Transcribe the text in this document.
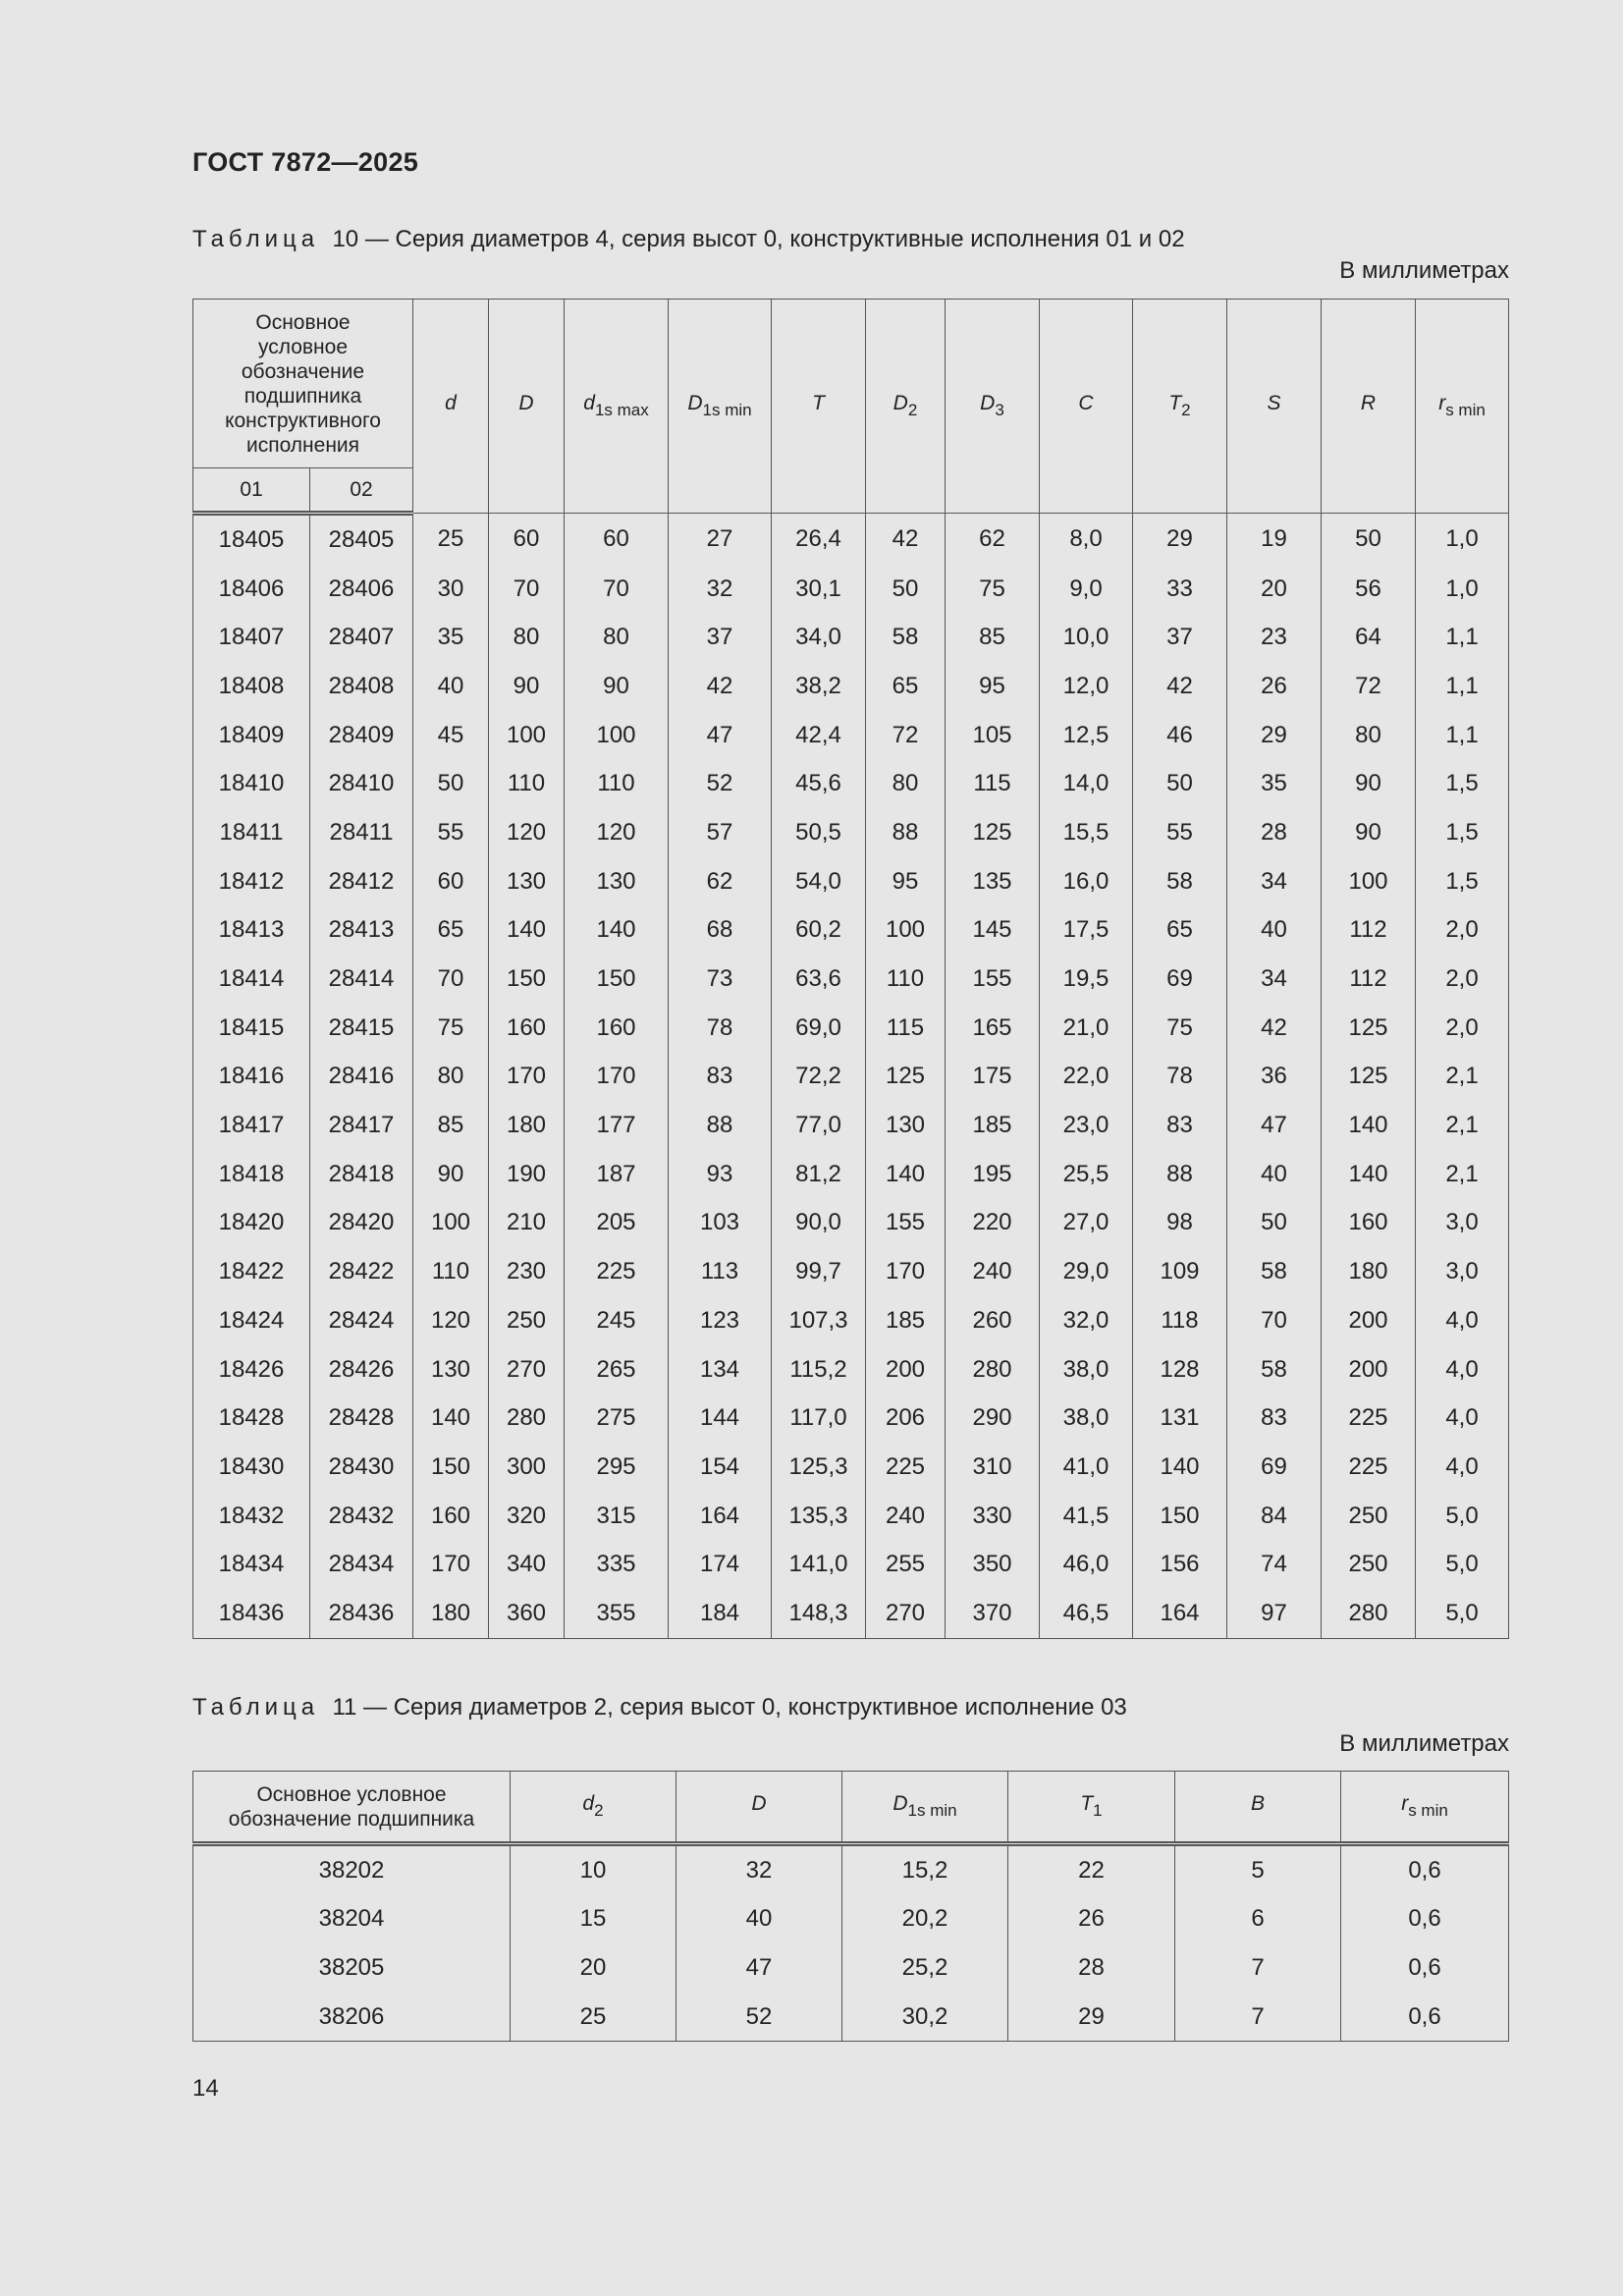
ГОСТ 7872—2025
Таблица 10 — Серия диаметров 4, серия высот 0, конструктивные исполнения 01 и 02
В миллиметрах
Основное условное обозначение подшипника конструктивного исполнения		d	D	$d_{1s max}$	$D_{1s min}$	T	$D_2$	$D_3$	C	$T_2$	S	R	$r_{s min}$
01	02												
18405	28405	25	60	60	27	26,4	42	62	8,0	29	19	50	1,0
18406	28406	30	70	70	32	30,1	50	75	9,0	33	20	56	1,0
18407	28407	35	80	80	37	34,0	58	85	10,0	37	23	64	1,1
18408	28408	40	90	90	42	38,2	65	95	12,0	42	26	72	1,1
18409	28409	45	100	100	47	42,4	72	105	12,5	46	29	80	1,1
18410	28410	50	110	110	52	45,6	80	115	14,0	50	35	90	1,5
18411	28411	55	120	120	57	50,5	88	125	15,5	55	28	90	1,5
18412	28412	60	130	130	62	54,0	95	135	16,0	58	34	100	1,5
18413	28413	65	140	140	68	60,2	100	145	17,5	65	40	112	2,0
18414	28414	70	150	150	73	63,6	110	155	19,5	69	34	112	2,0
18415	28415	75	160	160	78	69,0	115	165	21,0	75	42	125	2,0
18416	28416	80	170	170	83	72,2	125	175	22,0	78	36	125	2,1
18417	28417	85	180	177	88	77,0	130	185	23,0	83	47	140	2,1
18418	28418	90	190	187	93	81,2	140	195	25,5	88	40	140	2,1
18420	28420	100	210	205	103	90,0	155	220	27,0	98	50	160	3,0
18422	28422	110	230	225	113	99,7	170	240	29,0	109	58	180	3,0
18424	28424	120	250	245	123	107,3	185	260	32,0	118	70	200	4,0
18426	28426	130	270	265	134	115,2	200	280	38,0	128	58	200	4,0
18428	28428	140	280	275	144	117,0	206	290	38,0	131	83	225	4,0
18430	28430	150	300	295	154	125,3	225	310	41,0	140	69	225	4,0
18432	28432	160	320	315	164	135,3	240	330	41,5	150	84	250	5,0
18434	28434	170	340	335	174	141,0	255	350	46,0	156	74	250	5,0
18436	28436	180	360	355	184	148,3	270	370	46,5	164	97	280	5,0
Таблица 11 — Серия диаметров 2, серия высот 0, конструктивное исполнение 03
В миллиметрах
Основное условное обозначение подшипника	$d_2$	D	$D_{1s min}$	$T_1$	B	$r_{s min}$
38202	10	32	15,2	22	5	0,6
38204	15	40	20,2	26	6	0,6
38205	20	47	25,2	28	7	0,6
38206	25	52	30,2	29	7	0,6
14
